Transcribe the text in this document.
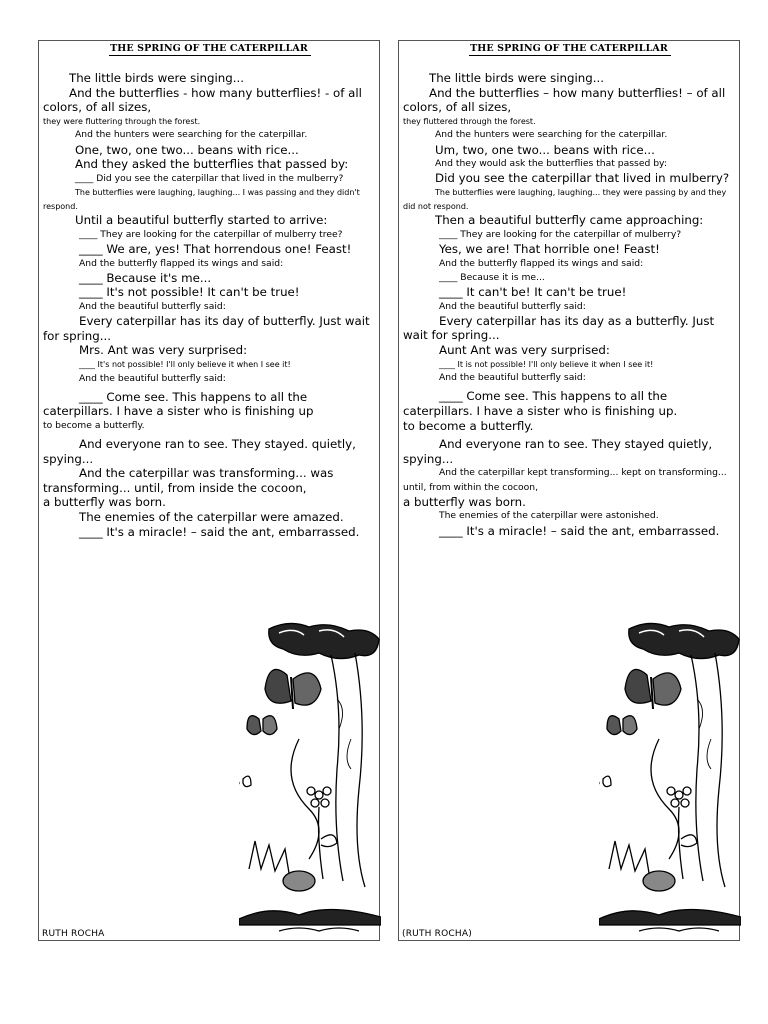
THE SPRING OF THE CATERPILLAR
The little birds were singing...
And the butterflies - how many butterflies! - of all colors, of all sizes,
they were fluttering through the forest.
And the hunters were searching for the caterpillar.
One, two, one two... beans with rice...
And they asked the butterflies that passed by:
____ Did you see the caterpillar that lived in the mulberry?
The butterflies were laughing, laughing... I was passing and they didn't respond.
Until a beautiful butterfly started to arrive:
____ They are looking for the caterpillar of mulberry tree?
____ We are, yes! That horrendous one! Feast!
And the butterfly flapped its wings and said:
____ Because it's me...
____ It's not possible! It can't be true!
And the beautiful butterfly said:
Every caterpillar has its day of butterfly. Just wait for spring...
Mrs. Ant was very surprised:
____ It's not possible! I'll only believe it when I see it!
And the beautiful butterfly said:
____ Come see. This happens to all the caterpillars. I have a sister who is finishing up
to become a butterfly.
And everyone ran to see. They stayed. quietly, spying...
And the caterpillar was transforming... was transforming... until, from inside the cocoon,
a butterfly was born.
The enemies of the caterpillar were amazed.
____ It's a miracle! – said the ant, embarrassed.
RUTH ROCHA
THE SPRING OF THE CATERPILLAR
The little birds were singing...
And the butterflies – how many butterflies! – of all colors, of all sizes,
they fluttered through the forest.
And the hunters were searching for the caterpillar.
Um, two, one two... beans with rice...
And they would ask the butterflies that passed by:
Did you see the caterpillar that lived in mulberry?
The butterflies were laughing, laughing... they were passing by and they did not respond.
Then a beautiful butterfly came approaching:
____ They are looking for the caterpillar of mulberry?
Yes, we are! That horrible one! Feast!
And the butterfly flapped its wings and said:
____ Because it is me...
____ It can't be! It can't be true!
And the beautiful butterfly said:
Every caterpillar has its day as a butterfly. Just wait for spring...
Aunt Ant was very surprised:
____ It is not possible! I'll only believe it when I see it!
And the beautiful butterfly said:
____ Come see. This happens to all the caterpillars. I have a sister who is finishing up.
to become a butterfly.
And everyone ran to see. They stayed quietly, spying...
And the caterpillar kept transforming... kept on transforming... until, from within the cocoon,
a butterfly was born.
The enemies of the caterpillar were astonished.
____ It's a miracle! – said the ant, embarrassed.
(RUTH ROCHA)
